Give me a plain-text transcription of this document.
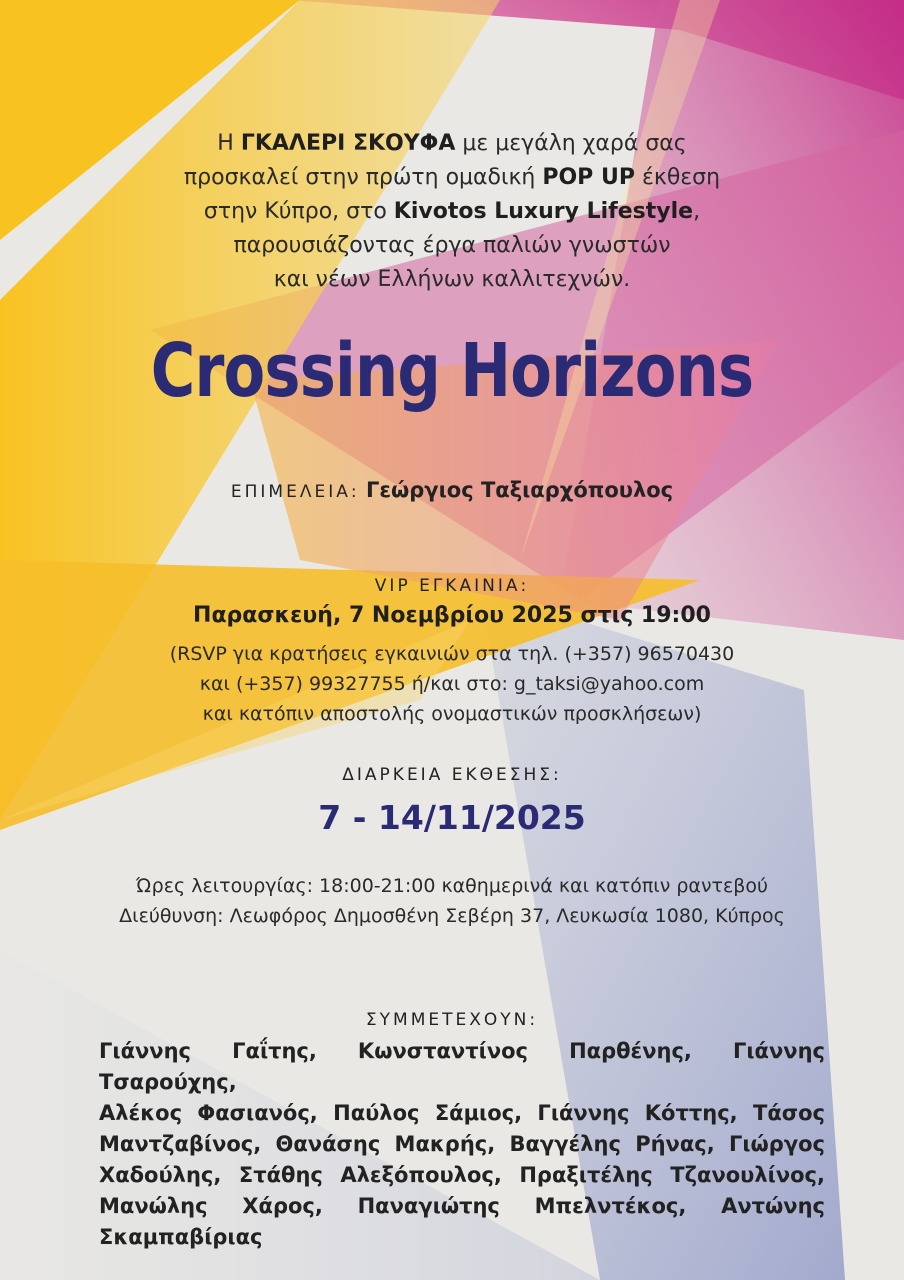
Η ΓΚΑΛΕΡΙ ΣΚΟΥΦΑ με μεγάλη χαρά σας
προσκαλεί στην πρώτη ομαδική POP UP έκθεση
στην Κύπρο, στο Kivotos Luxury Lifestyle,
παρουσιάζοντας έργα παλιών γνωστών
και νέων Ελλήνων καλλιτεχνών.
Crossing Horizons
ΕΠΙΜΕΛΕΙΑ: Γεώργιος Ταξιαρχόπουλος
VIP ΕΓΚΑΙΝΙΑ:
Παρασκευή, 7 Νοεμβρίου 2025 στις 19:00
(RSVP για κρατήσεις εγκαινιών στα τηλ. (+357) 96570430
και (+357) 99327755 ή/και στο: g_taksi@yahoo.com
και κατόπιν αποστολής ονομαστικών προσκλήσεων)
ΔΙΑΡΚΕΙΑ ΕΚΘΕΣΗΣ:
7 - 14/11/2025
Ώρες λειτουργίας: 18:00-21:00 καθημερινά και κατόπιν ραντεβού
Διεύθυνση: Λεωφόρος Δημοσθένη Σεβέρη 37, Λευκωσία 1080, Κύπρος
ΣΥΜΜΕΤΕΧΟΥΝ:
Γιάννης Γαΐτης, Κωνσταντίνος Παρθένης, Γιάννης Τσαρούχης,
Αλέκος Φασιανός, Παύλος Σάμιος, Γιάννης Κόττης, Τάσος
Μαντζαβίνος, Θανάσης Μακρής, Βαγγέλης Ρήνας, Γιώργος
Χαδούλης, Στάθης Αλεξόπουλος, Πραξιτέλης Τζανουλίνος,
Μανώλης Χάρος, Παναγιώτης Μπελντέκος, Αντώνης Σκαμπαβίριας
